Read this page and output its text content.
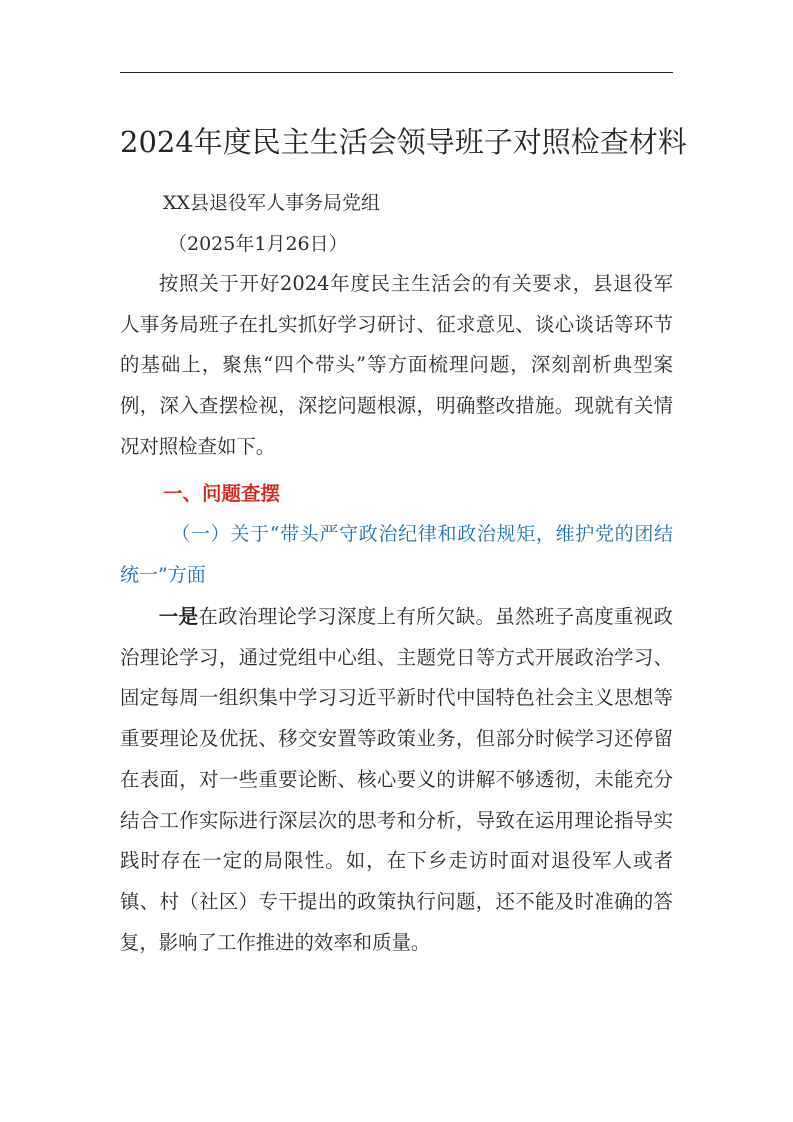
2024年度民主生活会领导班子对照检查材料
XX县退役军人事务局党组
（2025年1月26日）

按照关于开好2024年度民主生活会的有关要求，县退役军人事务局班子在扎实抓好学习研讨、征求意见、谈心谈话等环节的基础上，聚焦“四个带头”等方面梳理问题，深刻剖析典型案例，深入查摆检视，深挖问题根源，明确整改措施。现就有关情况对照检查如下。

一、问题查摆

（一）关于“带头严守政治纪律和政治规矩，维护党的团结统一”方面

一是在政治理论学习深度上有所欠缺。虽然班子高度重视政治理论学习，通过党组中心组、主题党日等方式开展政治学习、固定每周一组织集中学习习近平新时代中国特色社会主义思想等重要理论及优抚、移交安置等政策业务，但部分时候学习还停留在表面，对一些重要论断、核心要义的讲解不够透彻，未能充分结合工作实际进行深层次的思考和分析，导致在运用理论指导实践时存在一定的局限性。如，在下乡走访时面对退役军人或者镇、村（社区）专干提出的政策执行问题，还不能及时准确的答复，影响了工作推进的效率和质量。
